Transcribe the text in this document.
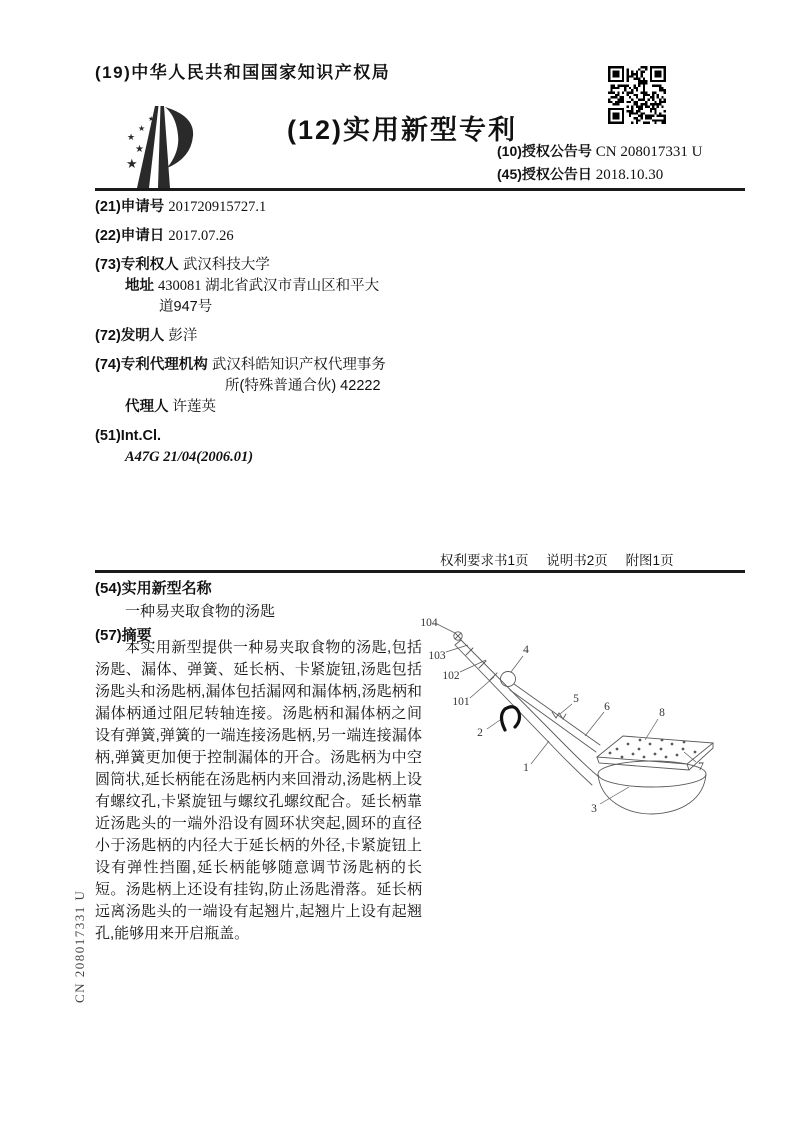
(19)中华人民共和国国家知识产权局
★
★
★
★
★	(12)实用新型专利
(10)授权公告号 CN 208017331 U
(45)授权公告日 2018.10.30
(21)申请号 201720915727.1
(22)申请日 2017.07.26
(73)专利权人 武汉科技大学
地址 430081 湖北省武汉市青山区和平大
道947号
(72)发明人 彭洋
(74)专利代理机构 武汉科皓知识产权代理事务
所(特殊普通合伙) 42222
代理人 许莲英
(51)Int.Cl.
A47G 21/04(2006.01)
权利要求书1页 说明书2页 附图1页
(54)实用新型名称
一种易夹取食物的汤匙
(57)摘要

本实用新型提供一种易夹取食物的汤匙,包括汤匙、漏体、弹簧、延长柄、卡紧旋钮,汤匙包括汤匙头和汤匙柄,漏体包括漏网和漏体柄,汤匙柄和漏体柄通过阻尼转轴连接。汤匙柄和漏体柄之间设有弹簧,弹簧的一端连接汤匙柄,另一端连接漏体柄,弹簧更加便于控制漏体的开合。汤匙柄为中空圆筒状,延长柄能在汤匙柄内来回滑动,汤匙柄上设有螺纹孔,卡紧旋钮与螺纹孔螺纹配合。延长柄靠近汤匙头的一端外沿设有圆环状突起,圆环的直径小于汤匙柄的内径大于延长柄的外径,卡紧旋钮上设有弹性挡圈,延长柄能够随意调节汤匙柄的长短。汤匙柄上还设有挂钩,防止汤匙滑落。延长柄远离汤匙头的一端设有起翘片,起翘片上设有起翘孔,能够用来开启瓶盖。

104
103
102
101
4
2
5
6	8
7
1
3
CN 208017331 U
